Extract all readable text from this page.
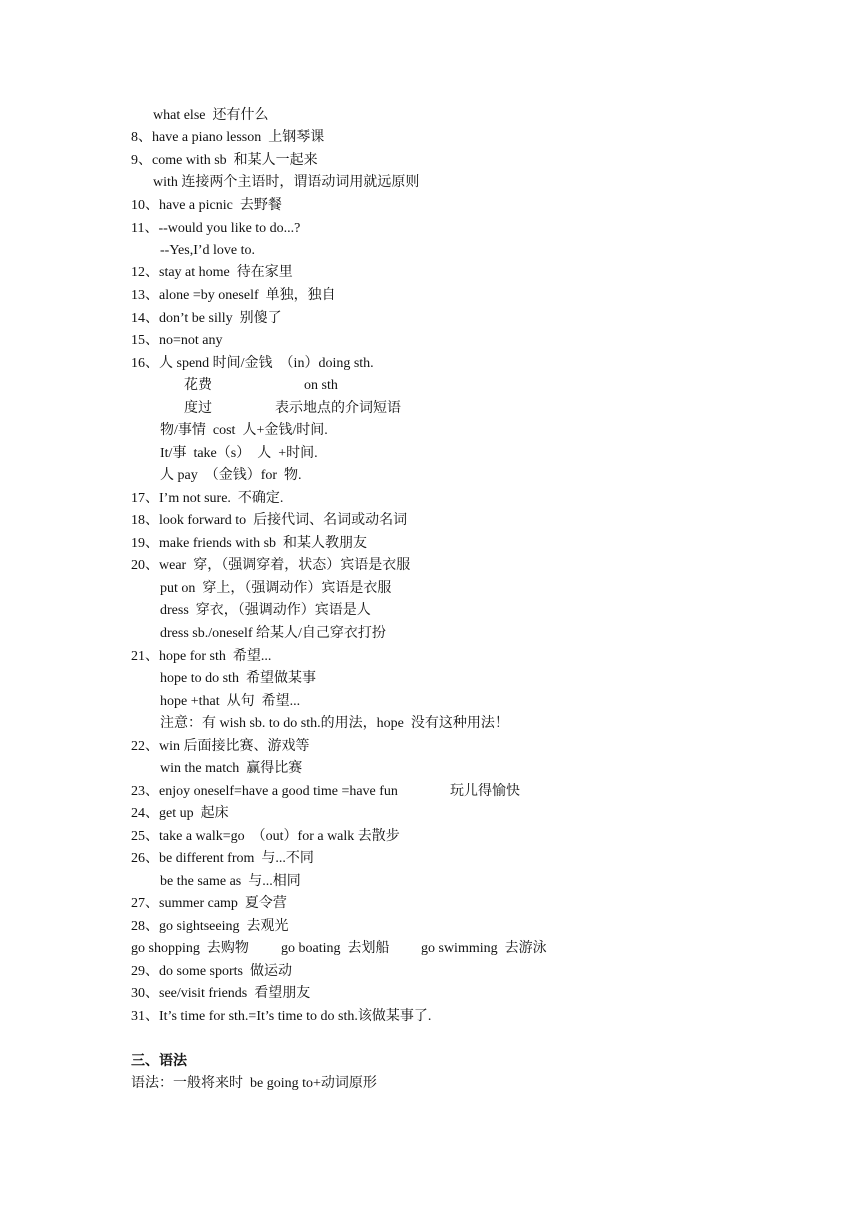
what else  还有什么
8、have a piano lesson  上钢琴课
9、come with sb  和某人一起来
with 连接两个主语时，谓语动词用就远原则
10、have a picnic  去野餐
11、--would you like to do...?
--Yes,I’d love to.
12、stay at home  待在家里
13、alone =by oneself  单独，独自
14、don’t be silly  别傻了
15、no=not any
16、人 spend 时间/金钱  （in）doing sth.
花费	on sth
度过	表示地点的介词短语
物/事情  cost  人+金钱/时间.
It/事  take（s）  人  +时间.
人 pay  （金钱）for  物.
17、I’m not sure.  不确定.
18、look forward to  后接代词、名词或动名词
19、make friends with sb  和某人教朋友
20、wear  穿，（强调穿着，状态）宾语是衣服
put on  穿上，（强调动作）宾语是衣服
dress  穿衣，（强调动作）宾语是人
dress sb./oneself 给某人/自己穿衣打扮
21、hope for sth  希望...
hope to do sth  希望做某事
hope +that  从句  希望...
注意：有 wish sb. to do sth.的用法，hope  没有这种用法！
22、win 后面接比赛、游戏等
win the match  赢得比赛
23、enjoy oneself=have a good time =have fun	玩儿得愉快
24、get up  起床
25、take a walk=go  （out）for a walk 去散步
26、be different from  与...不同
be the same as  与...相同
27、summer camp  夏令营
28、go sightseeing  去观光
go shopping  去购物 go boating  去划船 go swimming  去游泳
29、do some sports  做运动
30、see/visit friends  看望朋友
31、It’s time for sth.=It’s time to do sth.该做某事了.
三、语法
语法：一般将来时  be going to+动词原形
